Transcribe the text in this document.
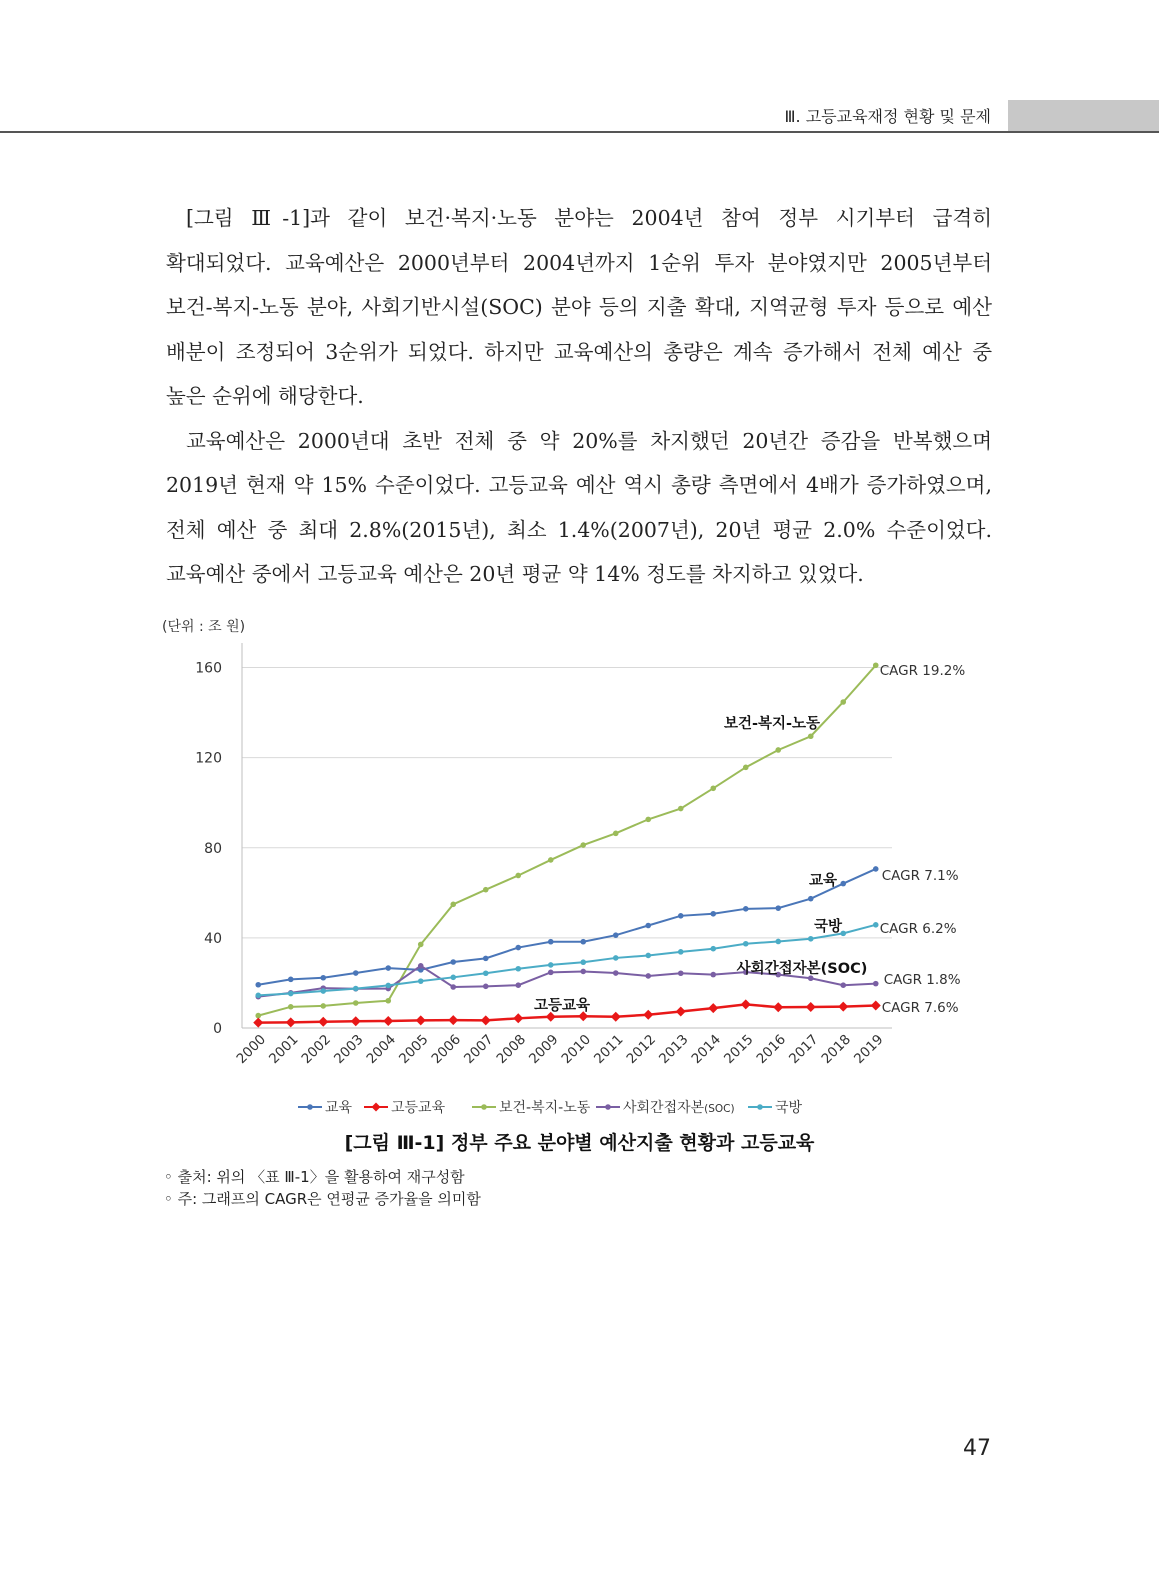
Ⅲ. 고등교육재정 현황 및 문제

[그림 Ⅲ-1]과 같이 보건·복지·노동 분야는 2004년 참여 정부 시기부터 급격히 확대되었다. 교육예산은 2000년부터 2004년까지 1순위 투자 분야였지만 2005년부터 보건-복지-노동 분야, 사회기반시설(SOC) 분야 등의 지출 확대, 지역균형 투자 등으로 예산 배분이 조정되어 3순위가 되었다. 하지만 교육예산의 총량은 계속 증가해서 전체 예산 중 높은 순위에 해당한다.

교육예산은 2000년대 초반 전체 중 약 20%를 차지했던 20년간 증감을 반복했으며 2019년 현재 약 15% 수준이었다. 고등교육 예산 역시 총량 측면에서 4배가 증가하였으며, 전체 예산 중 최대 2.8%(2015년), 최소 1.4%(2007년), 20년 평균 2.0% 수준이었다. 교육예산 중에서 고등교육 예산은 20년 평균 약 14% 정도를 차지하고 있었다.

(단위 : 조 원)
0
40
80
120
160
2000
2001
2002
2003
2004
2005
2006
2007
2008
2009
2010
2011
2012
2013
2014
2015
2016
2017
2018
2019
교육	CAGR 7.1%
고등교육	CAGR 7.6%
보건-복지-노동
CAGR 19.2%
사회간접자본(SOC)
CAGR 1.8%
국방	CAGR 6.2%
교육	고등교육	보건-복지-노동 사회간접자본(SOC)	국방
[그림 Ⅲ-1] 정부 주요 분야별 예산지출 현황과 고등교육
◦ 출처: 위의 〈표 Ⅲ-1〉을 활용하여 재구성함
◦ 주: 그래프의 CAGR은 연평균 증가율을 의미함
47
